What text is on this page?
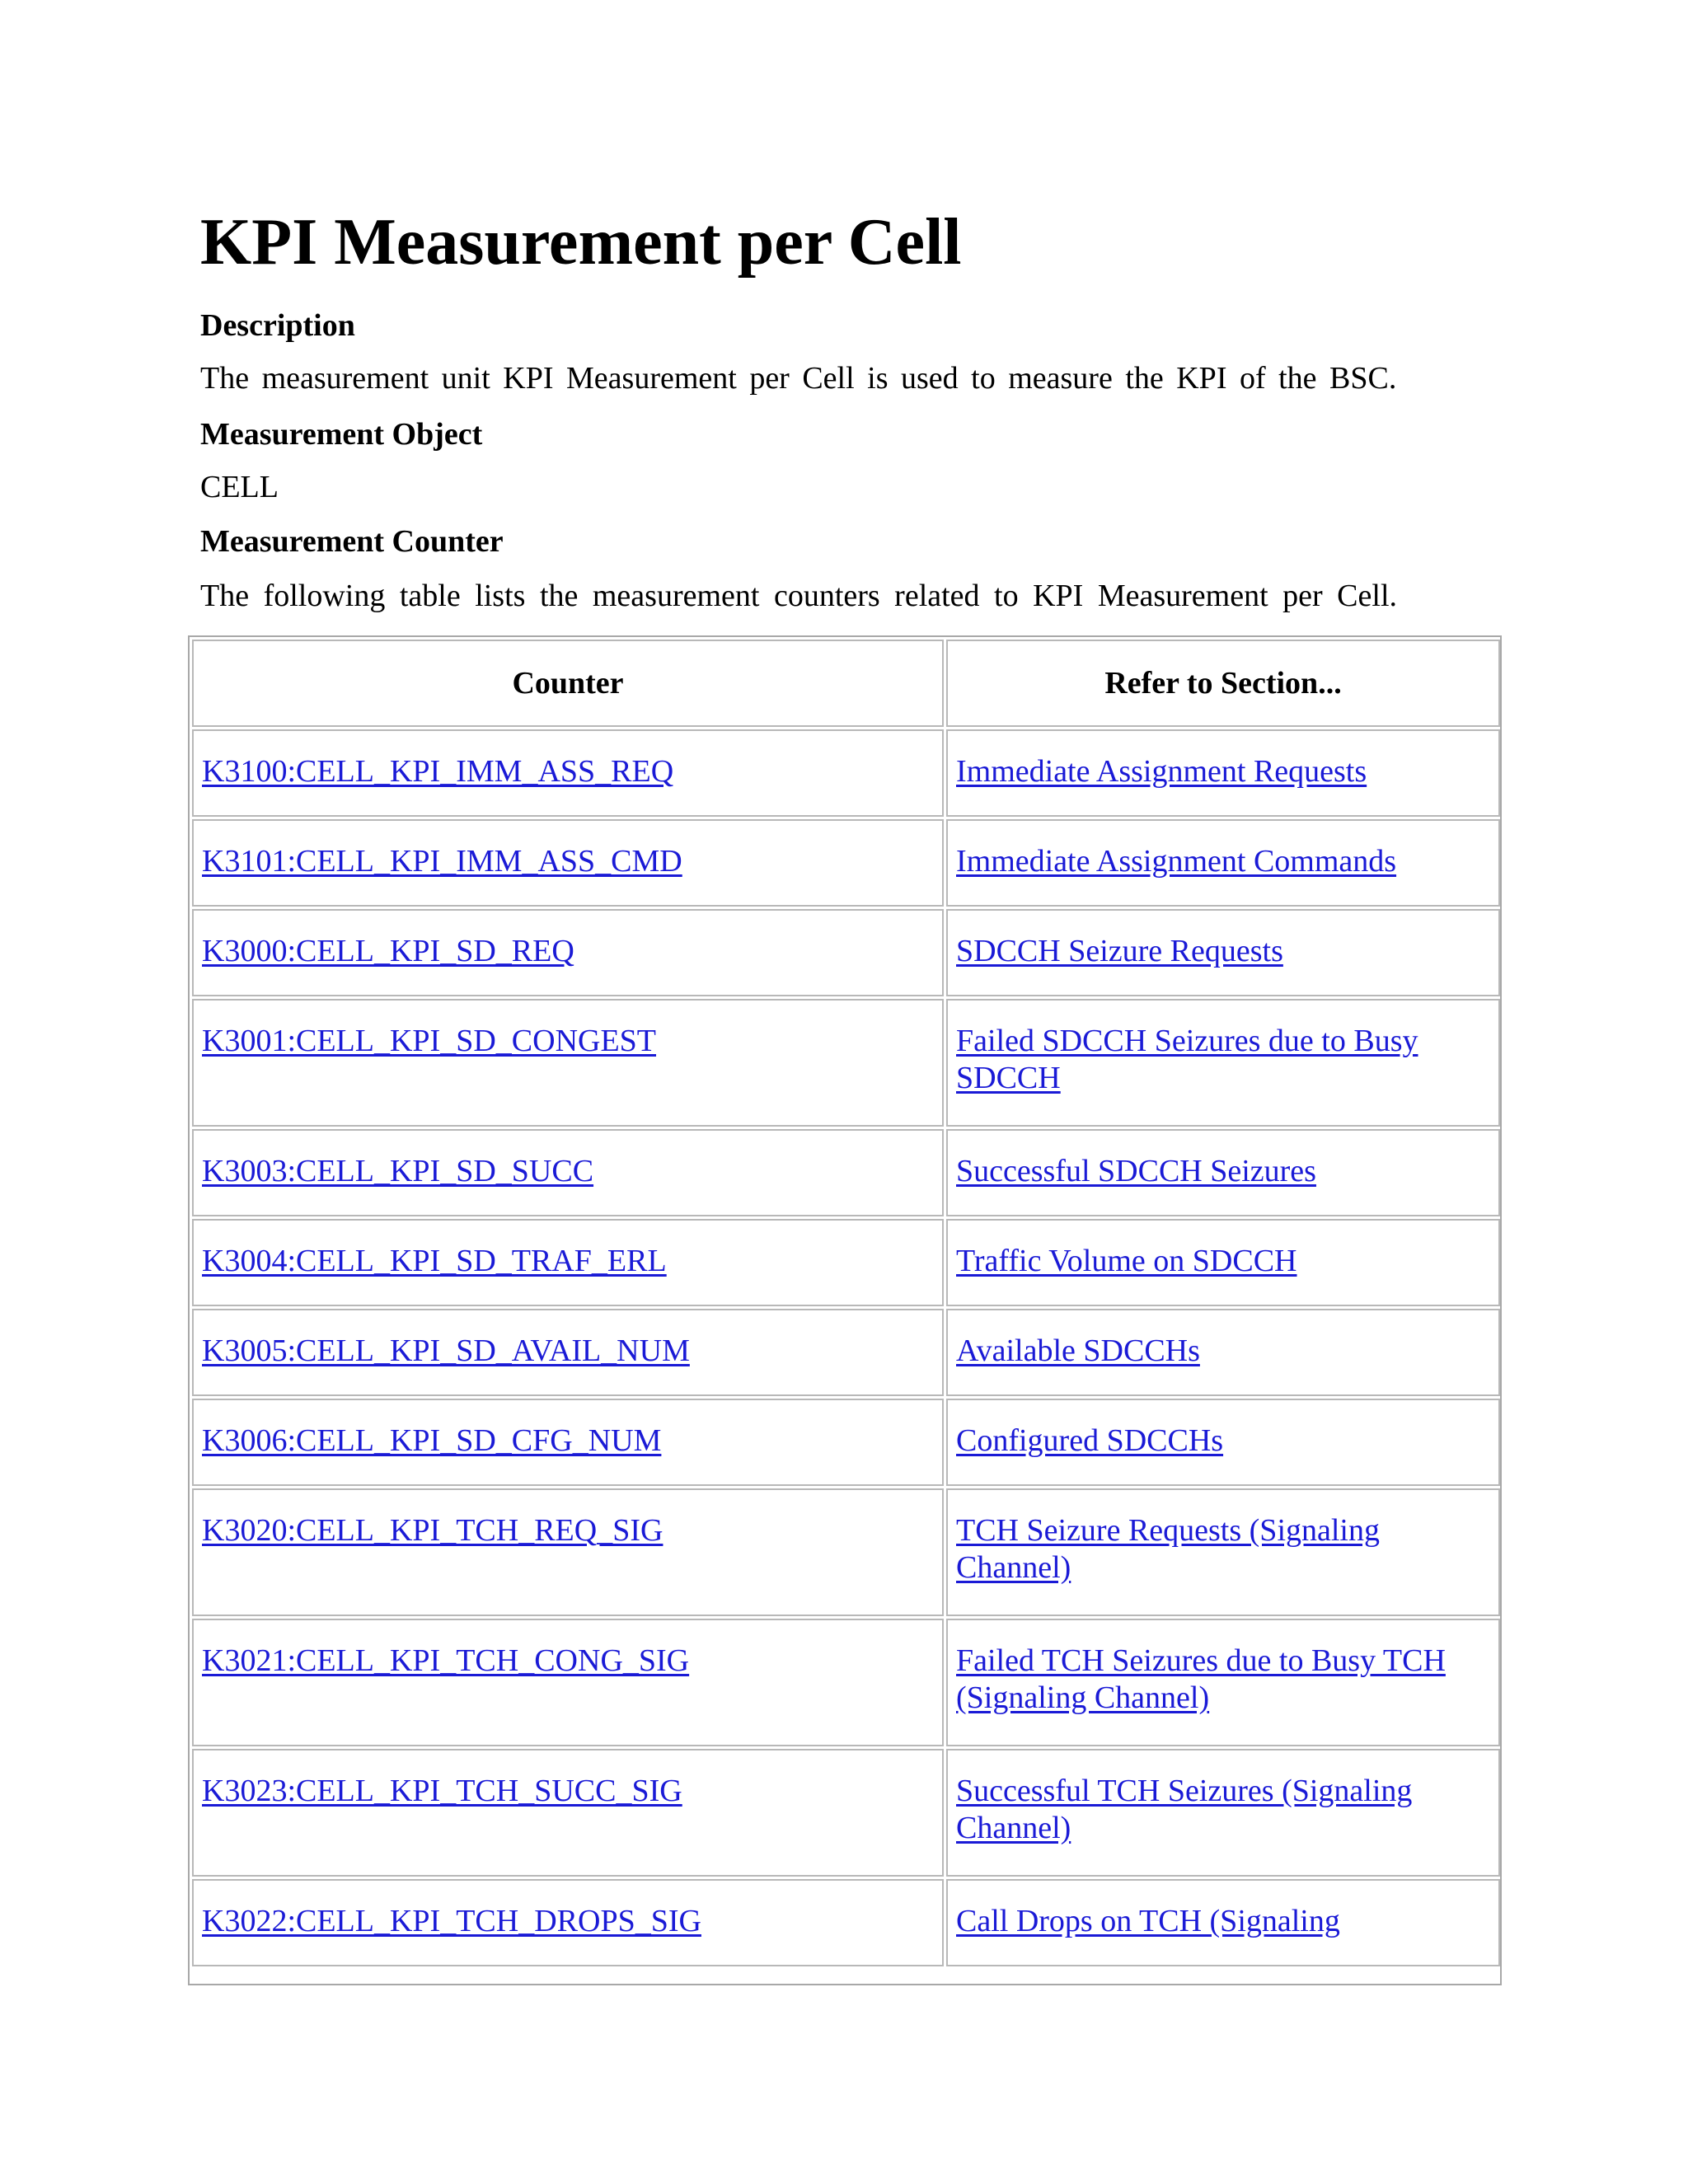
KPI Measurement per Cell
Description
The measurement unit KPI Measurement per Cell is used to measure the KPI of the BSC.
Measurement Object
CELL
Measurement Counter
The following table lists the measurement counters related to KPI Measurement per Cell.
Counter	Refer to Section...
K3100:CELL_KPI_IMM_ASS_REQ	Immediate Assignment Requests
K3101:CELL_KPI_IMM_ASS_CMD	Immediate Assignment Commands
K3000:CELL_KPI_SD_REQ	SDCCH Seizure Requests
K3001:CELL_KPI_SD_CONGEST	Failed SDCCH Seizures due to Busy SDCCH
K3003:CELL_KPI_SD_SUCC	Successful SDCCH Seizures
K3004:CELL_KPI_SD_TRAF_ERL	Traffic Volume on SDCCH
K3005:CELL_KPI_SD_AVAIL_NUM	Available SDCCHs
K3006:CELL_KPI_SD_CFG_NUM	Configured SDCCHs
K3020:CELL_KPI_TCH_REQ_SIG	TCH Seizure Requests (Signaling Channel)
K3021:CELL_KPI_TCH_CONG_SIG	Failed TCH Seizures due to Busy TCH (Signaling Channel)
K3023:CELL_KPI_TCH_SUCC_SIG	Successful TCH Seizures (Signaling Channel)
K3022:CELL_KPI_TCH_DROPS_SIG	Call Drops on TCH (Signaling
